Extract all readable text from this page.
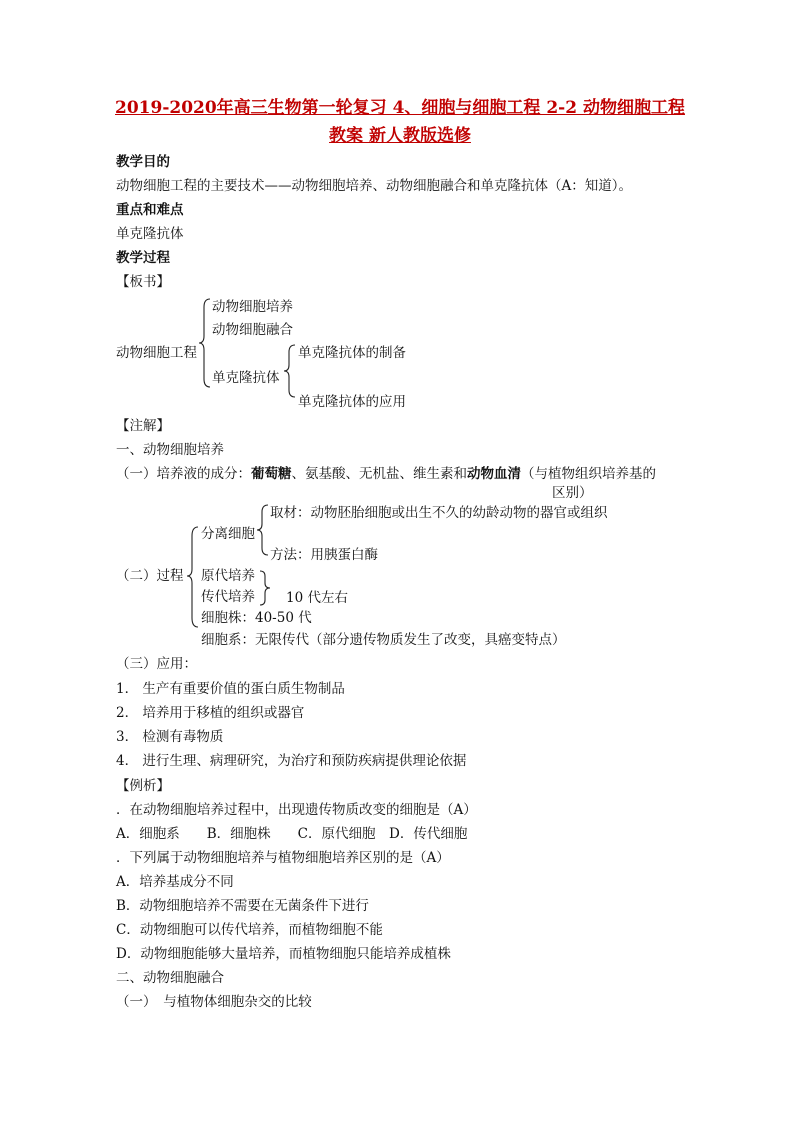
2019-2020年高三生物第一轮复习 4、细胞与细胞工程 2-2 动物细胞工程
教案 新人教版选修
教学目的
动物细胞工程的主要技术——动物细胞培养、动物细胞融合和单克隆抗体（A：知道）。
重点和难点
单克隆抗体
教学过程
【板书】
动物细胞工程
动物细胞培养
动物细胞融合
单克隆抗体
单克隆抗体的制备
单克隆抗体的应用
【注解】
一、动物细胞培养
（一）培养液的成分：葡萄糖、氨基酸、无机盐、维生素和动物血清（与植物组织培养基的
区别）
（二）过程
分离细胞
取材：动物胚胎细胞或出生不久的幼龄动物的器官或组织
方法：用胰蛋白酶
原代培养
传代培养 10 代左右
细胞株：40-50 代
细胞系：无限传代（部分遗传物质发生了改变，具癌变特点）
（三）应用：
1． 生产有重要价值的蛋白质生物制品
2． 培养用于移植的组织或器官
3． 检测有毒物质
4． 进行生理、病理研究，为治疗和预防疾病提供理论依据
【例析】
．在动物细胞培养过程中，出现遗传物质改变的细胞是（A）
A．细胞系　　B．细胞株　　C．原代细胞　D．传代细胞
．下列属于动物细胞培养与植物细胞培养区别的是（A）
A．培养基成分不同
B．动物细胞培养不需要在无菌条件下进行
C．动物细胞可以传代培养，而植物细胞不能
D．动物细胞能够大量培养，而植物细胞只能培养成植株
二、动物细胞融合
（一）　与植物体细胞杂交的比较
